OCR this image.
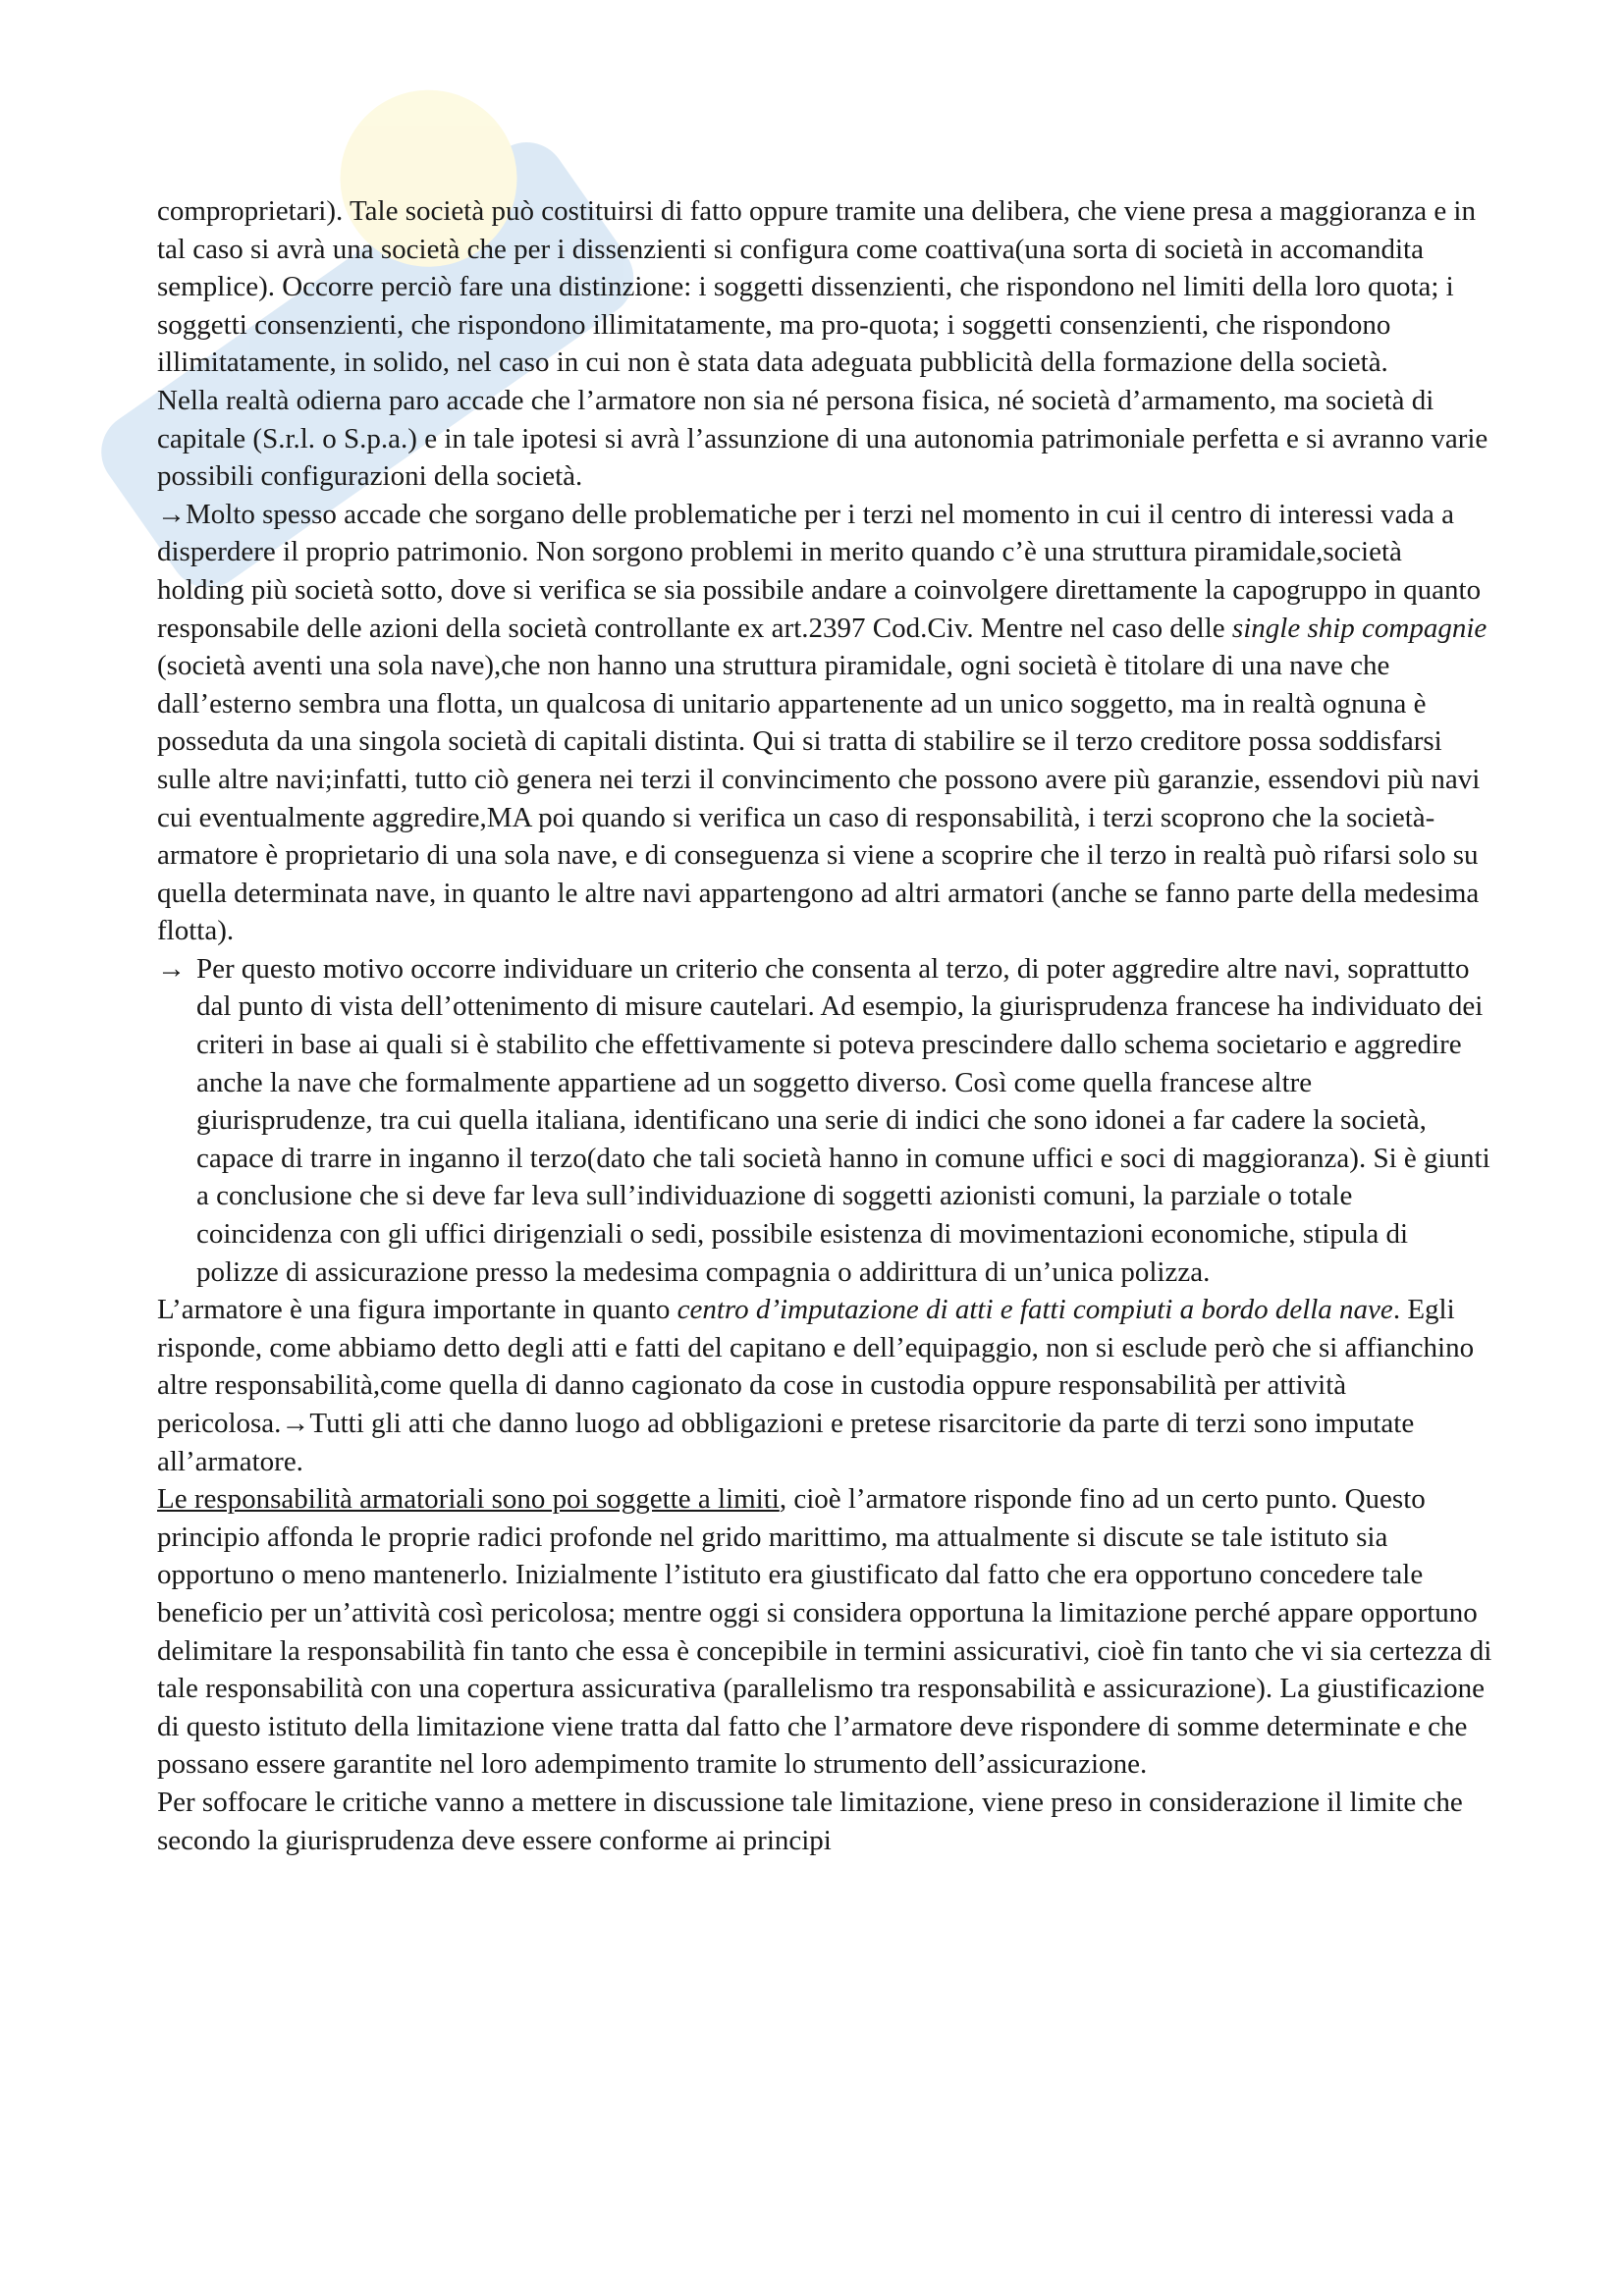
comproprietari). Tale società può costituirsi di fatto oppure tramite una delibera, che viene presa a maggioranza e in tal caso si avrà una società che per i dissenzienti si configura come coattiva(una sorta di società in accomandita semplice). Occorre perciò fare una distinzione: i soggetti dissenzienti, che rispondono nel limiti della loro quota; i soggetti consenzienti, che rispondono illimitatamente, ma pro-quota; i soggetti consenzienti, che rispondono illimitatamente, in solido, nel caso in cui non è stata data adeguata pubblicità della formazione della società.

Nella realtà odierna paro accade che l’armatore non sia né persona fisica, né società d’armamento, ma società di capitale (S.r.l. o S.p.a.) e in tale ipotesi si avrà l’assunzione di una autonomia patrimoniale perfetta e si avranno varie possibili configurazioni della società.

→Molto spesso accade che sorgano delle problematiche per i terzi nel momento in cui il centro di interessi vada a disperdere il proprio patrimonio. Non sorgono problemi in merito quando c’è una struttura piramidale,società holding più società sotto, dove si verifica se sia possibile andare a coinvolgere direttamente la capogruppo in quanto responsabile delle azioni della società controllante ex art.2397 Cod.Civ. Mentre nel caso delle single ship compagnie (società aventi una sola nave),che non hanno una struttura piramidale, ogni società è titolare di una nave che dall’esterno sembra una flotta, un qualcosa di unitario appartenente ad un unico soggetto, ma in realtà ognuna è posseduta da una singola società di capitali distinta. Qui si tratta di stabilire se il terzo creditore possa soddisfarsi sulle altre navi;infatti, tutto ciò genera nei terzi il convincimento che possono avere più garanzie, essendovi più navi cui eventualmente aggredire,MA poi quando si verifica un caso di responsabilità, i terzi scoprono che la società-armatore è proprietario di una sola nave, e di conseguenza si viene a scoprire che il terzo in realtà può rifarsi solo su quella determinata nave, in quanto le altre navi appartengono ad altri armatori (anche se fanno parte della medesima flotta).

→ Per questo motivo occorre individuare un criterio che consenta al terzo, di poter aggredire altre navi, soprattutto dal punto di vista dell’ottenimento di misure cautelari. Ad esempio, la giurisprudenza francese ha individuato dei criteri in base ai quali si è stabilito che effettivamente si poteva prescindere dallo schema societario e aggredire anche la nave che formalmente appartiene ad un soggetto diverso. Così come quella francese altre giurisprudenze, tra cui quella italiana, identificano una serie di indici che sono idonei a far cadere la società, capace di trarre in inganno il terzo(dato che tali società hanno in comune uffici e soci di maggioranza). Si è giunti a conclusione che si deve far leva sull’individuazione di soggetti azionisti comuni, la parziale o totale coincidenza con gli uffici dirigenziali o sedi, possibile esistenza di movimentazioni economiche, stipula di polizze di assicurazione presso la medesima compagnia o addirittura di un’unica polizza.

L’armatore è una figura importante in quanto centro d’imputazione di atti e fatti compiuti a bordo della nave. Egli risponde, come abbiamo detto degli atti e fatti del capitano e dell’equipaggio, non si esclude però che si affianchino altre responsabilità,come quella di danno cagionato da cose in custodia oppure responsabilità per attività pericolosa.→Tutti gli atti che danno luogo ad obbligazioni e pretese risarcitorie da parte di terzi sono imputate all’armatore.

Le responsabilità armatoriali sono poi soggette a limiti, cioè l’armatore risponde fino ad un certo punto. Questo principio affonda le proprie radici profonde nel grido marittimo, ma attualmente si discute se tale istituto sia opportuno o meno mantenerlo. Inizialmente l’istituto era giustificato dal fatto che era opportuno concedere tale beneficio per un’attività così pericolosa; mentre oggi si considera opportuna la limitazione perché appare opportuno delimitare la responsabilità fin tanto che essa è concepibile in termini assicurativi, cioè fin tanto che vi sia certezza di tale responsabilità con una copertura assicurativa (parallelismo tra responsabilità e assicurazione). La giustificazione di questo istituto della limitazione viene tratta dal fatto che l’armatore deve rispondere di somme determinate e che possano essere garantite nel loro adempimento tramite lo strumento dell’assicurazione.

Per soffocare le critiche vanno a mettere in discussione tale limitazione, viene preso in considerazione il limite che secondo la giurisprudenza deve essere conforme ai principi
